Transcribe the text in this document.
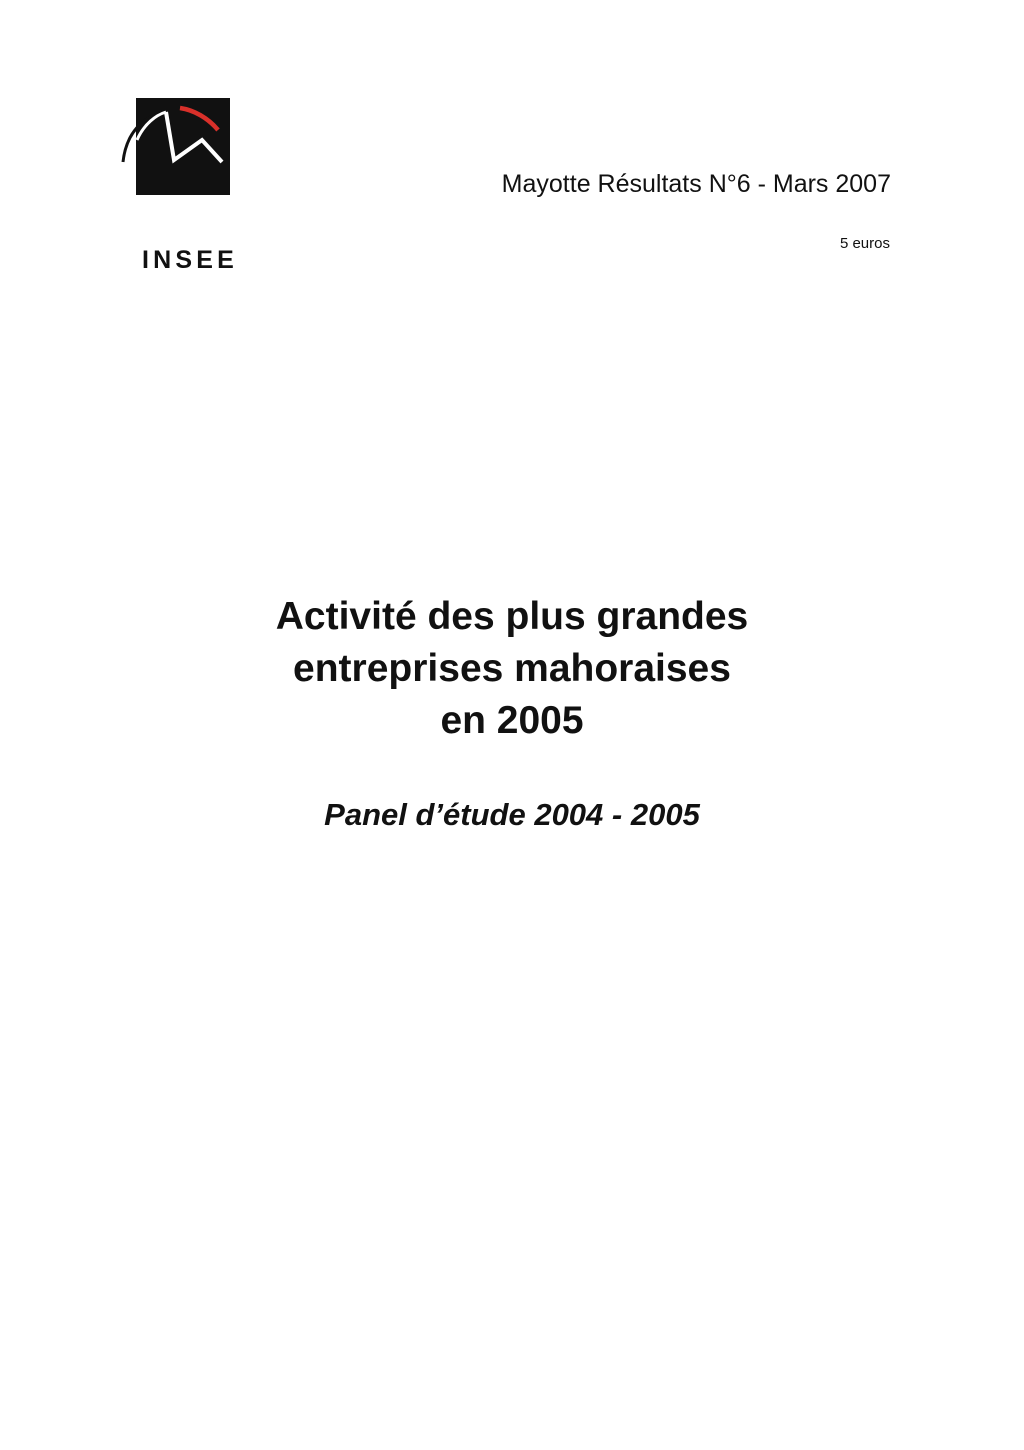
INSEE
Mayotte Résultats N°6 - Mars 2007
5 euros
Activité des plus grandes
entreprises mahoraises
en 2005
Panel d’étude 2004 - 2005
